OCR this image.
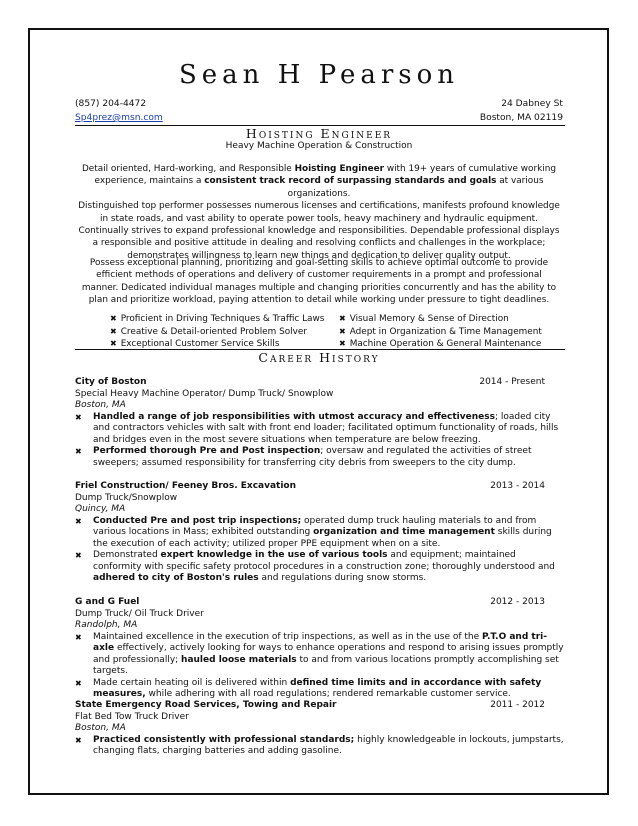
Sean H Pearson
(857) 204-4472	24 Dabney St
Sp4prez@msn.com	Boston, MA 02119
Hoisting Engineer
Heavy Machine Operation & Construction
Detail oriented, Hard-working, and Responsible Hoisting Engineer with 19+ years of cumulative working
experience, maintains a consistent track record of surpassing standards and goals at various organizations.
Distinguished top performer possesses numerous licenses and certifications, manifests profound knowledge
in state roads, and vast ability to operate power tools, heavy machinery and hydraulic equipment.
Continually strives to expand professional knowledge and responsibilities. Dependable professional displays
a responsible and positive attitude in dealing and resolving conflicts and challenges in the workplace;
demonstrates willingness to learn new things and dedication to deliver quality output.
Possess exceptional planning, prioritizing and goal-setting skills to achieve optimal outcome to provide
efficient methods of operations and delivery of customer requirements in a prompt and professional
manner. Dedicated individual manages multiple and changing priorities concurrently and has the ability to
plan and prioritize workload, paying attention to detail while working under pressure to tight deadlines.
✖ Proficient in Driving Techniques & Traffic Laws
✖ Creative & Detail-oriented Problem Solver
✖ Exceptional Customer Service Skills
✖ Visual Memory & Sense of Direction
✖ Adept in Organization & Time Management
✖ Machine Operation & General Maintenance
Career History
City of Boston	2014 - Present
Special Heavy Machine Operator/ Dump Truck/ Snowplow
Boston, MA
✖ Handled a range of job responsibilities with utmost accuracy and effectiveness; loaded city and contractors vehicles with salt with front end loader; facilitated optimum functionality of roads, hills and bridges even in the most severe situations when temperature are below freezing.
✖ Performed thorough Pre and Post inspection; oversaw and regulated the activities of street sweepers; assumed responsibility for transferring city debris from sweepers to the city dump.
Friel Construction/ Feeney Bros. Excavation	2013 - 2014
Dump Truck/Snowplow
Quincy, MA
✖ Conducted Pre and post trip inspections; operated dump truck hauling materials to and from various locations in Mass; exhibited outstanding organization and time management skills during the execution of each activity; utilized proper PPE equipment when on a site.
✖ Demonstrated expert knowledge in the use of various tools and equipment; maintained conformity with specific safety protocol procedures in a construction zone; thoroughly understood and adhered to city of Boston's rules and regulations during snow storms.
G and G Fuel	2012 - 2013
Dump Truck/ Oil Truck Driver
Randolph, MA
✖ Maintained excellence in the execution of trip inspections, as well as in the use of the P.T.O and tri-axle effectively, actively looking for ways to enhance operations and respond to arising issues promptly and professionally; hauled loose materials to and from various locations promptly accomplishing set targets.
✖ Made certain heating oil is delivered within defined time limits and in accordance with safety measures, while adhering with all road regulations; rendered remarkable customer service.
State Emergency Road Services, Towing and Repair	2011 - 2012
Flat Bed Tow Truck Driver
Boston, MA
✖ Practiced consistently with professional standards; highly knowledgeable in lockouts, jumpstarts, changing flats, charging batteries and adding gasoline.
